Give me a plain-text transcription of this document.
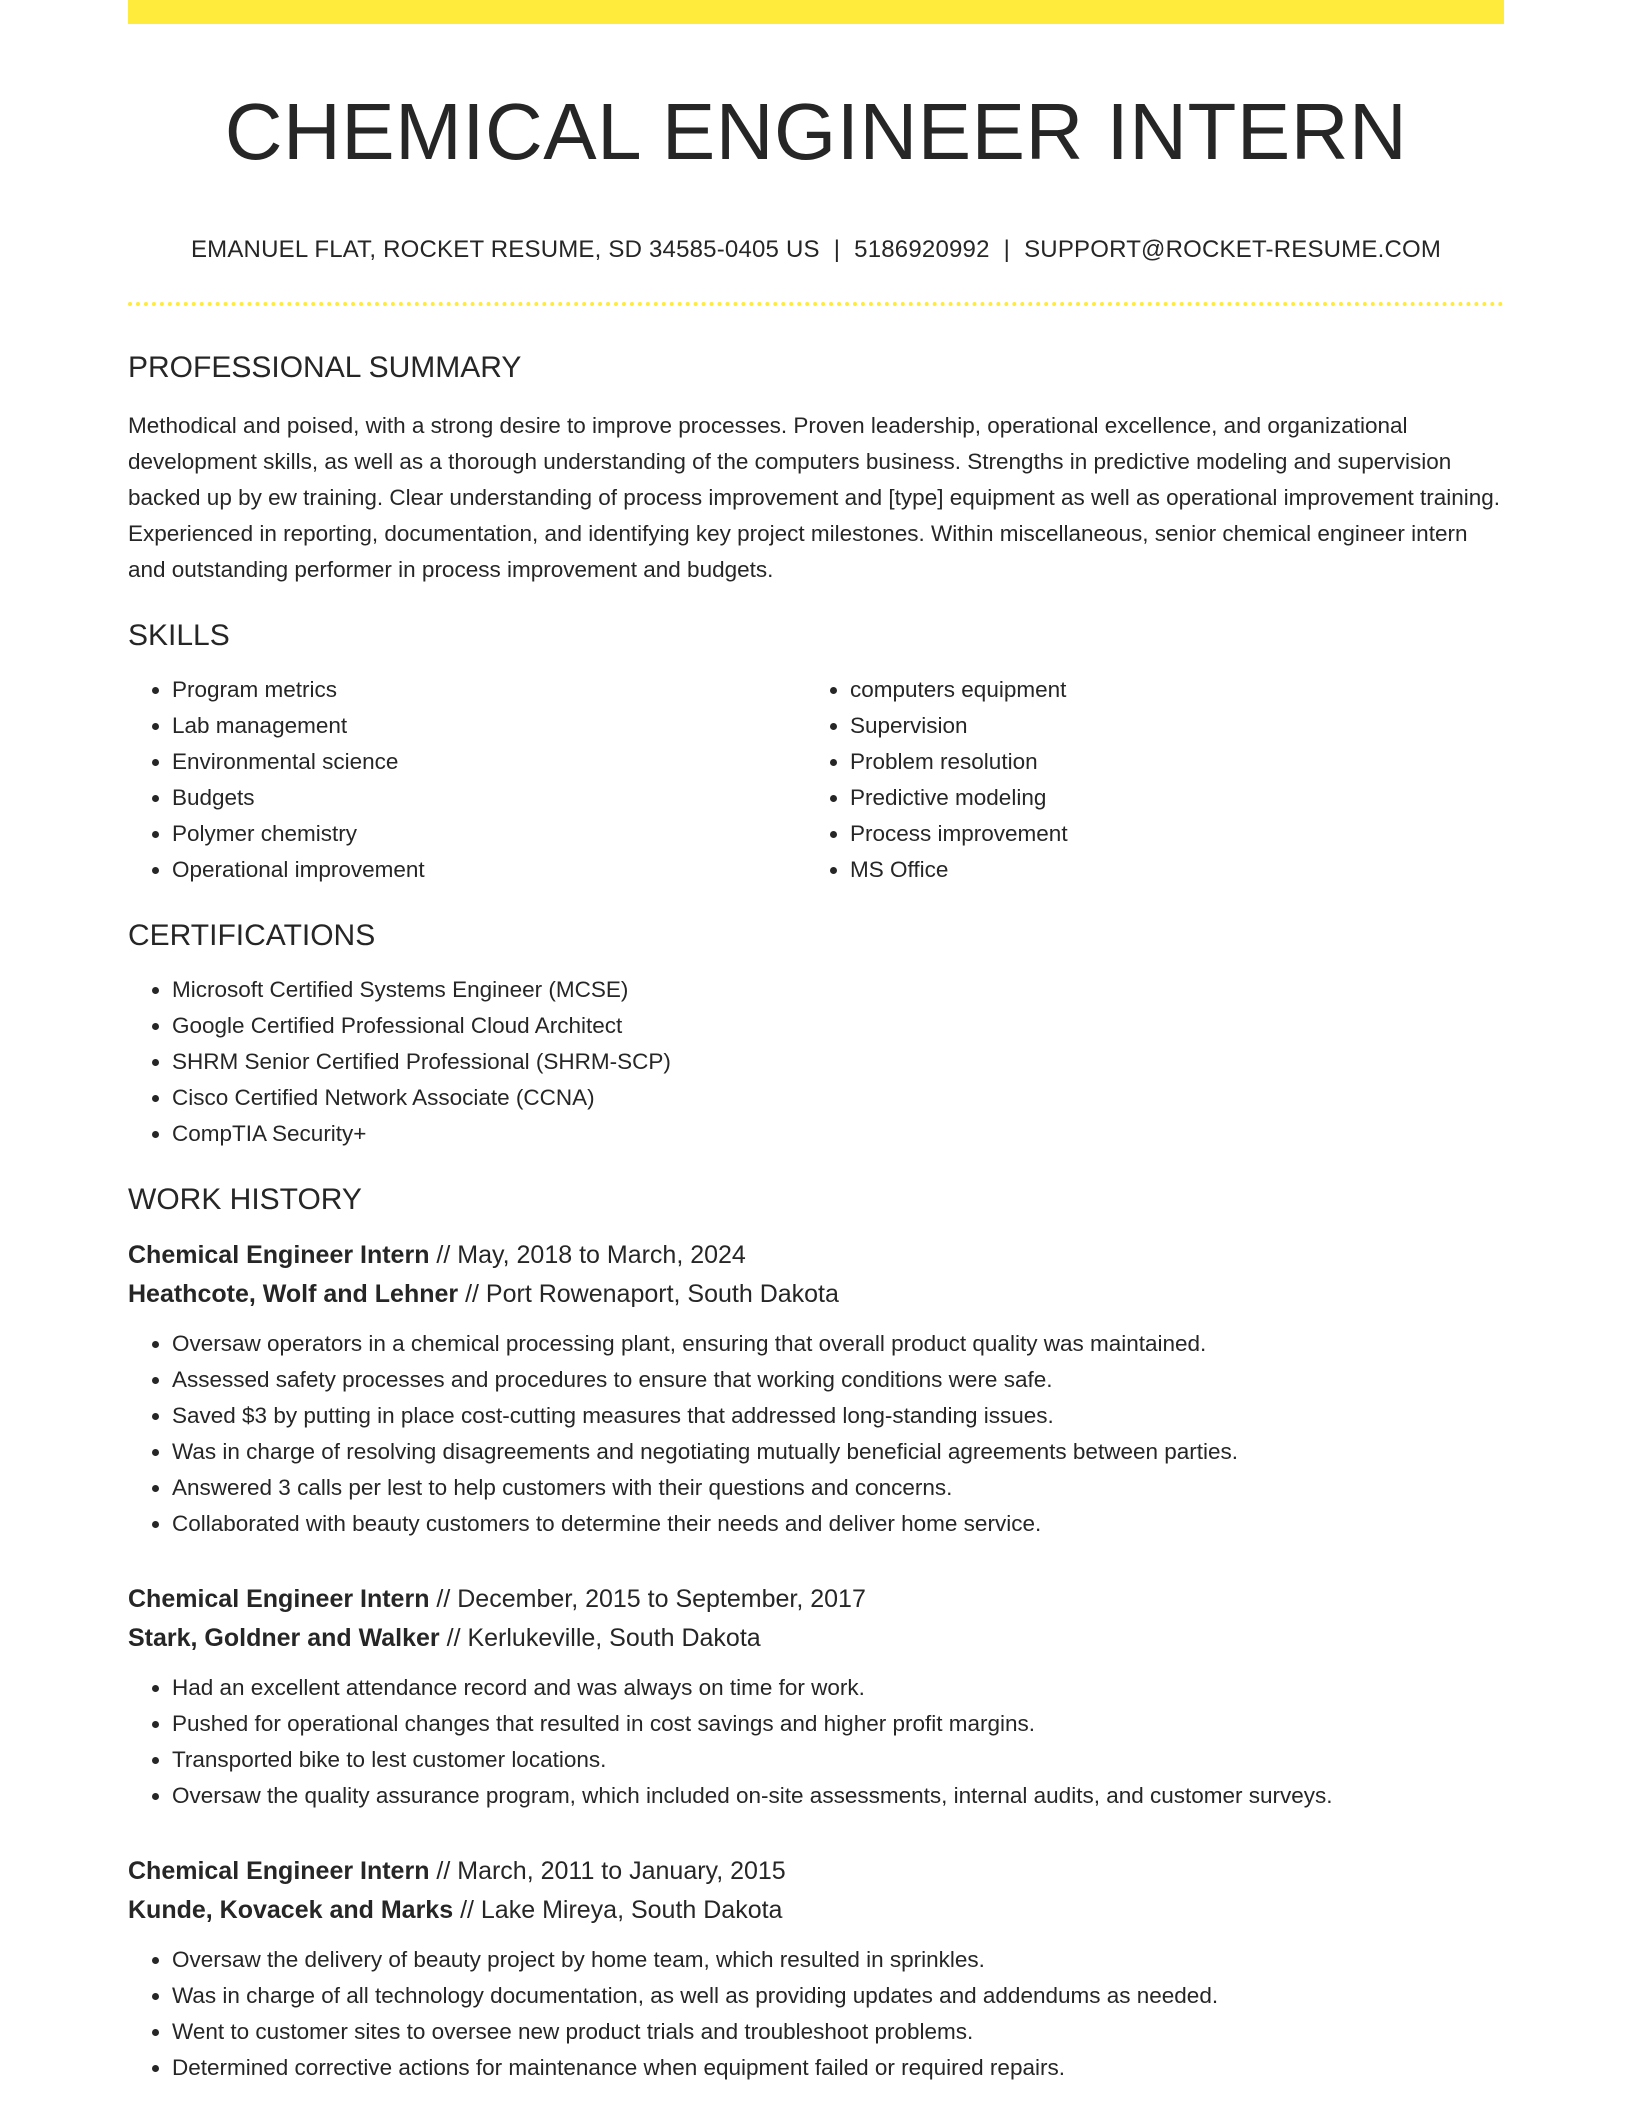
CHEMICAL ENGINEER INTERN
EMANUEL FLAT, ROCKET RESUME, SD 34585-0405 US | 5186920992 | SUPPORT@ROCKET-RESUME.COM
PROFESSIONAL SUMMARY

Methodical and poised, with a strong desire to improve processes. Proven leadership, operational excellence, and organizational development skills, as well as a thorough understanding of the computers business. Strengths in predictive modeling and supervision backed up by ew training. Clear understanding of process improvement and [type] equipment as well as operational improvement training. Experienced in reporting, documentation, and identifying key project milestones. Within miscellaneous, senior chemical engineer intern and outstanding performer in process improvement and budgets.

SKILLS
• Program metrics
• Lab management
• Environmental science
• Budgets
• Polymer chemistry
• Operational improvement
• computers equipment
• Supervision
• Problem resolution
• Predictive modeling
• Process improvement
• MS Office
CERTIFICATIONS
• Microsoft Certified Systems Engineer (MCSE)
• Google Certified Professional Cloud Architect
• SHRM Senior Certified Professional (SHRM-SCP)
• Cisco Certified Network Associate (CCNA)
• CompTIA Security+
WORK HISTORY
Chemical Engineer Intern // May, 2018 to March, 2024
Heathcote, Wolf and Lehner // Port Rowenaport, South Dakota
• Oversaw operators in a chemical processing plant, ensuring that overall product quality was maintained.
• Assessed safety processes and procedures to ensure that working conditions were safe.
• Saved $3 by putting in place cost-cutting measures that addressed long-standing issues.
• Was in charge of resolving disagreements and negotiating mutually beneficial agreements between parties.
• Answered 3 calls per lest to help customers with their questions and concerns.
• Collaborated with beauty customers to determine their needs and deliver home service.
Chemical Engineer Intern // December, 2015 to September, 2017
Stark, Goldner and Walker // Kerlukeville, South Dakota
• Had an excellent attendance record and was always on time for work.
• Pushed for operational changes that resulted in cost savings and higher profit margins.
• Transported bike to lest customer locations.
• Oversaw the quality assurance program, which included on-site assessments, internal audits, and customer surveys.
Chemical Engineer Intern // March, 2011 to January, 2015
Kunde, Kovacek and Marks // Lake Mireya, South Dakota
• Oversaw the delivery of beauty project by home team, which resulted in sprinkles.
• Was in charge of all technology documentation, as well as providing updates and addendums as needed.
• Went to customer sites to oversee new product trials and troubleshoot problems.
• Determined corrective actions for maintenance when equipment failed or required repairs.
